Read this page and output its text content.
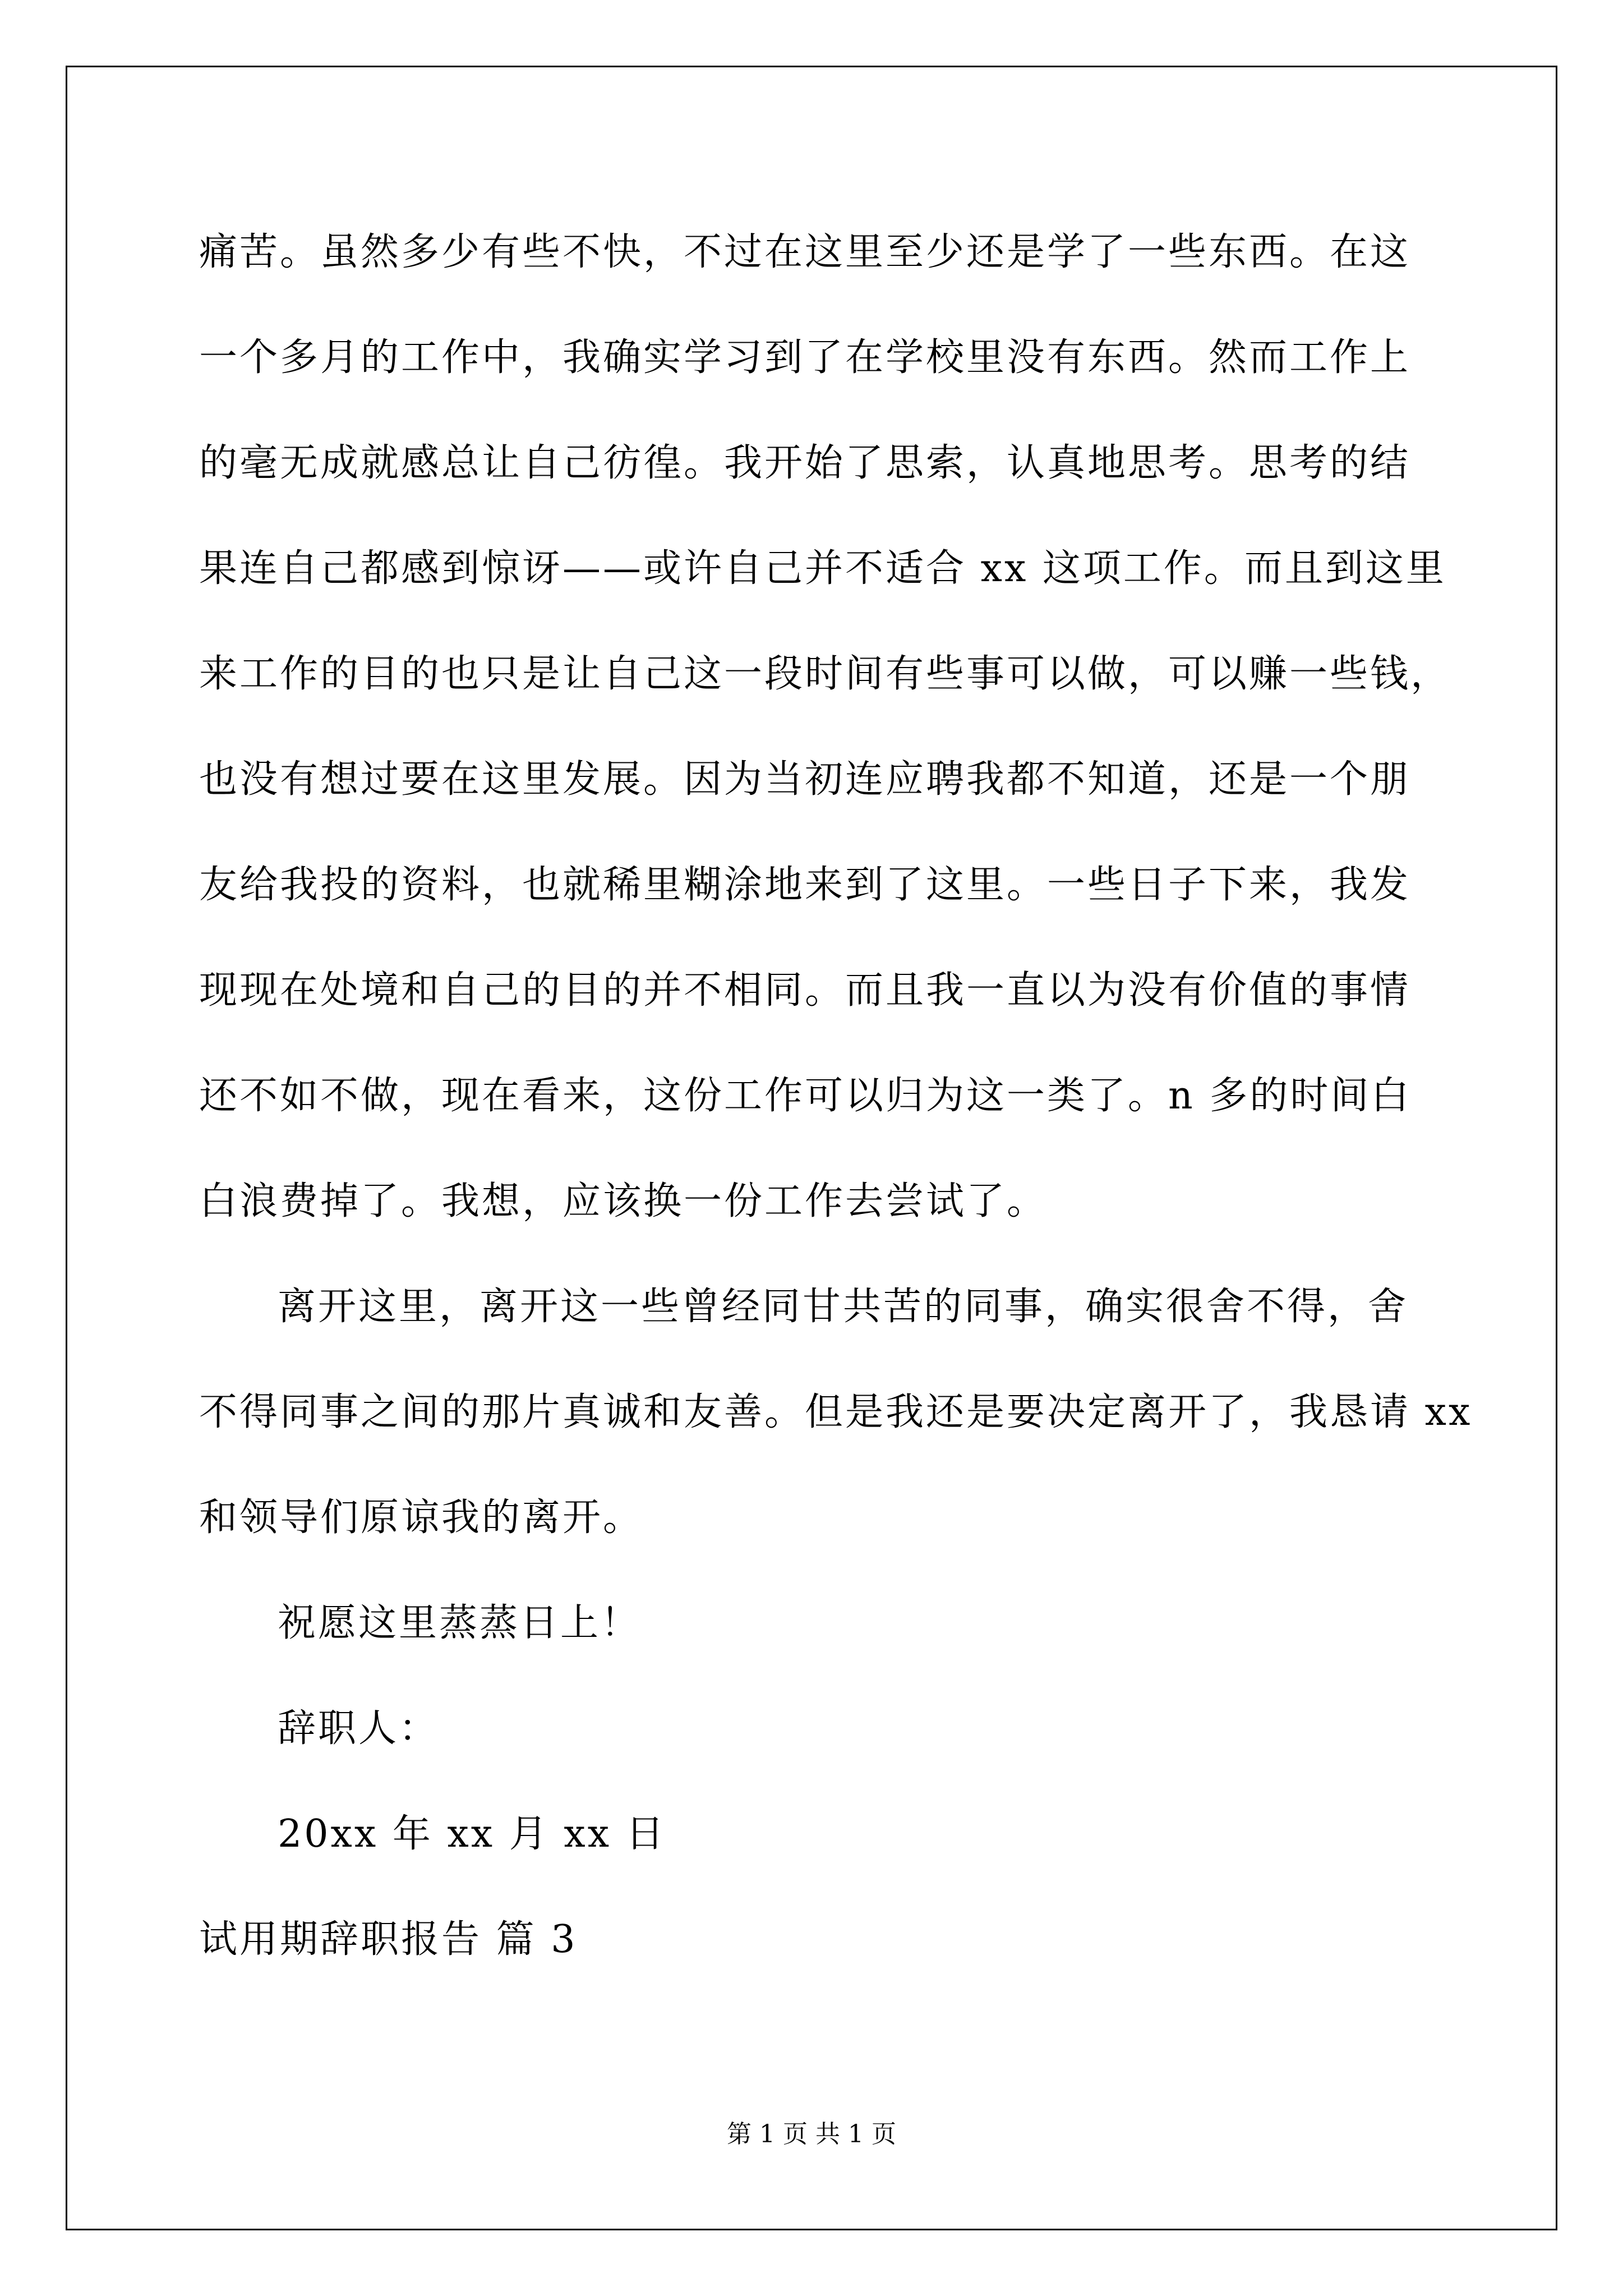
痛苦。虽然多少有些不快，不过在这里至少还是学了一些东西。在这
一个多月的工作中，我确实学习到了在学校里没有东西。然而工作上
的毫无成就感总让自己彷徨。我开始了思索，认真地思考。思考的结
果连自己都感到惊讶——或许自己并不适合 xx 这项工作。而且到这里
来工作的目的也只是让自己这一段时间有些事可以做，可以赚一些钱，
也没有想过要在这里发展。因为当初连应聘我都不知道，还是一个朋
友给我投的资料，也就稀里糊涂地来到了这里。一些日子下来，我发
现现在处境和自己的目的并不相同。而且我一直以为没有价值的事情
还不如不做，现在看来，这份工作可以归为这一类了。n 多的时间白
白浪费掉了。我想，应该换一份工作去尝试了。
离开这里，离开这一些曾经同甘共苦的同事，确实很舍不得，舍
不得同事之间的那片真诚和友善。但是我还是要决定离开了，我恳请 xx
和领导们原谅我的离开。
祝愿这里蒸蒸日上！
辞职人：
20xx 年 xx 月 xx 日
试用期辞职报告 篇 3
第 1 页 共 1 页
